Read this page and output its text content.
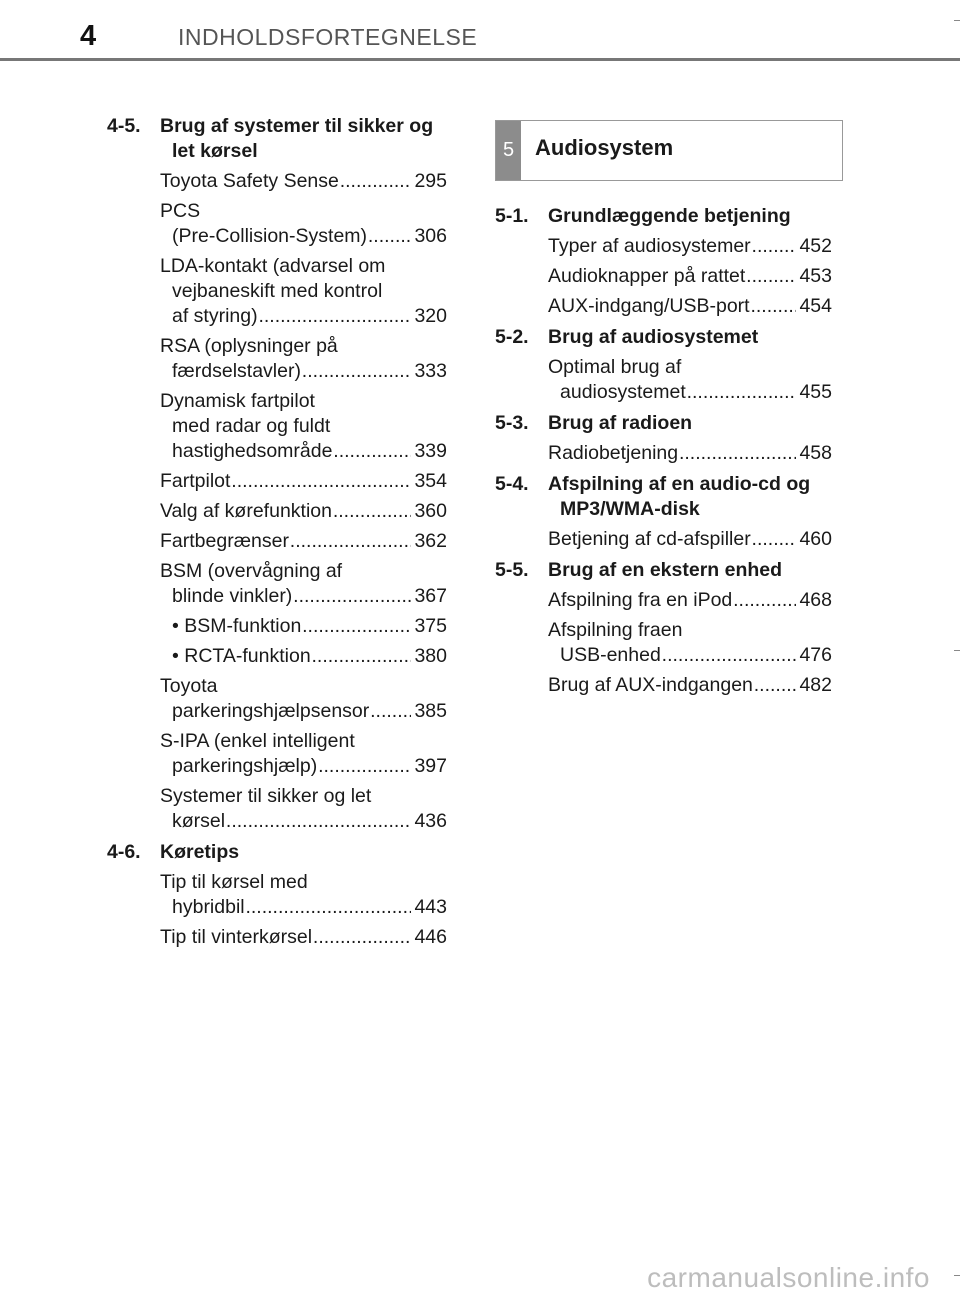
4	INDHOLDSFORTEGNELSE
4-5. Brug af systemer til sikker og let kørsel
Toyota Safety Sense .....	295
PCS
(Pre-Collision-System) .....	306
LDA-kontakt (advarsel om
vejbaneskift med kontrol
af styring) .....	320
RSA (oplysninger på
færdselstavler) .....	333
Dynamisk fartpilot
med radar og fuldt
hastighedsområde .....	339
Fartpilot .....	354
Valg af kørefunktion .....	360
Fartbegrænser .....	362
BSM (overvågning af
blinde vinkler) .....	367
• BSM-funktion .....	375
• RCTA-funktion .....	380
Toyota
parkeringshjælpsensor .....	385
S-IPA (enkel intelligent
parkeringshjælp) .....	397
Systemer til sikker og let
kørsel .....	436
4-6. Køretips
Tip til kørsel med
hybridbil .....	443
Tip til vinterkørsel .....	446
5 Audiosystem
5-1. Grundlæggende betjening
Typer af audiosystemer .....	452
Audioknapper på rattet .....	453
AUX-indgang/USB-port .....	454
5-2. Brug af audiosystemet
Optimal brug af
audiosystemet .....	455
5-3. Brug af radioen
Radiobetjening .....	458
5-4. Afspilning af en audio-cd og MP3/WMA-disk
Betjening af cd-afspiller .....	460
5-5. Brug af en ekstern enhed
Afspilning fra en iPod .....	468
Afspilning fraen
USB-enhed .....	476
Brug af AUX-indgangen .....	482
carmanualsonline.info
